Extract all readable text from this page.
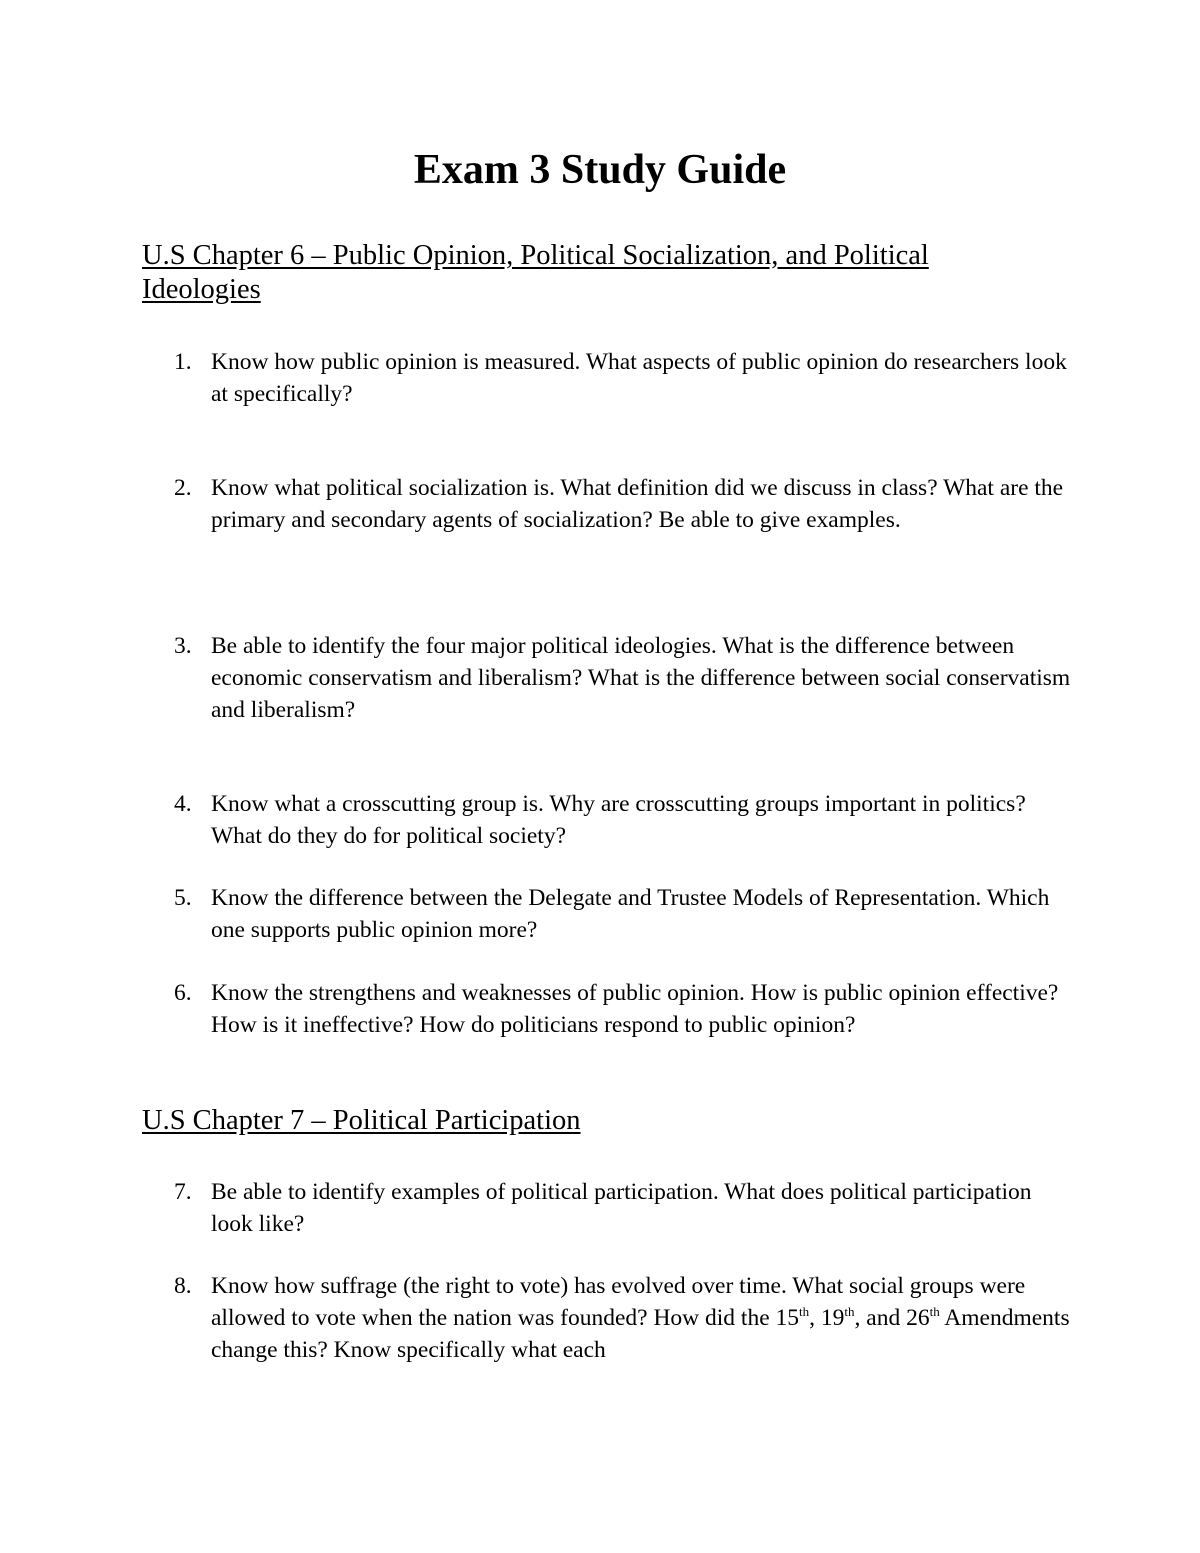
Exam 3 Study Guide
U.S Chapter 6 – Public Opinion, Political Socialization, and Political
Ideologies
1. Know how public opinion is measured. What aspects of public opinion do researchers look at specifically?
2. Know what political socialization is. What definition did we discuss in class? What are the primary and secondary agents of socialization? Be able to give examples.
3. Be able to identify the four major political ideologies. What is the difference between economic conservatism and liberalism? What is the difference between social conservatism and liberalism?
4. Know what a crosscutting group is. Why are crosscutting groups important in politics? What do they do for political society?
5. Know the difference between the Delegate and Trustee Models of Representation. Which one supports public opinion more?
6. Know the strengthens and weaknesses of public opinion. How is public opinion effective? How is it ineffective? How do politicians respond to public opinion?
U.S Chapter 7 – Political Participation
7. Be able to identify examples of political participation. What does political participation look like?
8. Know how suffrage (the right to vote) has evolved over time. What social groups were allowed to vote when the nation was founded? How did the 15th, 19th, and 26th Amendments change this? Know specifically what each
